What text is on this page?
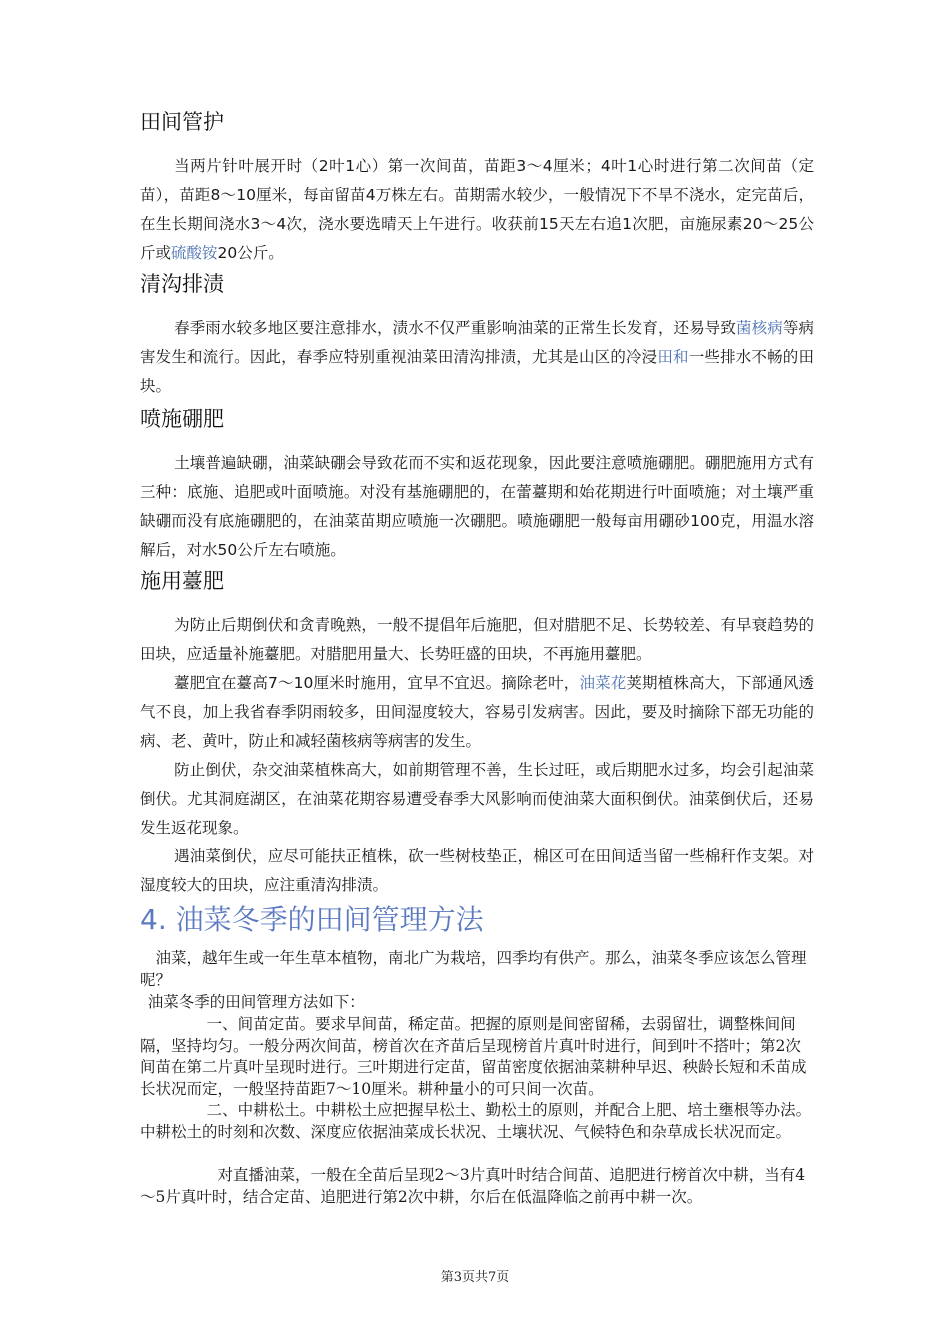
田间管护

当两片针叶展开时（2叶1心）第一次间苗，苗距3～4厘米；4叶1心时进行第二次间苗（定苗），苗距8～10厘米，每亩留苗4万株左右。苗期需水较少，一般情况下不旱不浇水，定完苗后，在生长期间浇水3～4次，浇水要选晴天上午进行。收获前15天左右追1次肥，亩施尿素20～25公斤或硫酸铵20公斤。

清沟排渍

春季雨水较多地区要注意排水，渍水不仅严重影响油菜的正常生长发育，还易导致菌核病等病害发生和流行。因此，春季应特别重视油菜田清沟排渍，尤其是山区的冷浸田和一些排水不畅的田块。

喷施硼肥

土壤普遍缺硼，油菜缺硼会导致花而不实和返花现象，因此要注意喷施硼肥。硼肥施用方式有三种：底施、追肥或叶面喷施。对没有基施硼肥的，在蕾薹期和始花期进行叶面喷施；对土壤严重缺硼而没有底施硼肥的，在油菜苗期应喷施一次硼肥。喷施硼肥一般每亩用硼砂100克，用温水溶解后，对水50公斤左右喷施。

施用薹肥

为防止后期倒伏和贪青晚熟，一般不提倡年后施肥，但对腊肥不足、长势较差、有早衰趋势的田块，应适量补施薹肥。对腊肥用量大、长势旺盛的田块，不再施用薹肥。

薹肥宜在薹高7～10厘米时施用，宜早不宜迟。摘除老叶，油菜花荚期植株高大，下部通风透气不良，加上我省春季阴雨较多，田间湿度较大，容易引发病害。因此，要及时摘除下部无功能的病、老、黄叶，防止和减轻菌核病等病害的发生。

防止倒伏，杂交油菜植株高大，如前期管理不善，生长过旺，或后期肥水过多，均会引起油菜倒伏。尤其洞庭湖区，在油菜花期容易遭受春季大风影响而使油菜大面积倒伏。油菜倒伏后，还易发生返花现象。

遇油菜倒伏，应尽可能扶正植株，砍一些树枝垫正，棉区可在田间适当留一些棉秆作支架。对湿度较大的田块，应注重清沟排渍。

4. 油菜冬季的田间管理方法

油菜，越年生或一年生草本植物，南北广为栽培，四季均有供产。那么，油菜冬季应该怎么管理呢？

油菜冬季的田间管理方法如下：

一、间苗定苗。要求早间苗，稀定苗。把握的原则是间密留稀，去弱留壮，调整株间间隔，坚持均匀。一般分两次间苗，榜首次在齐苗后呈现榜首片真叶时进行，间到叶不搭叶；第2次间苗在第二片真叶呈现时进行。三叶期进行定苗，留苗密度依据油菜耕种早迟、秧龄长短和禾苗成长状况而定，一般坚持苗距7～10厘米。耕种量小的可只间一次苗。

二、中耕松土。中耕松土应把握早松土、勤松土的原则，并配合上肥、培土壅根等办法。中耕松土的时刻和次数、深度应依据油菜成长状况、土壤状况、气候特色和杂草成长状况而定。

对直播油菜，一般在全苗后呈现2～3片真叶时结合间苗、追肥进行榜首次中耕，当有4～5片真叶时，结合定苗、追肥进行第2次中耕，尔后在低温降临之前再中耕一次。

第3页共7页
